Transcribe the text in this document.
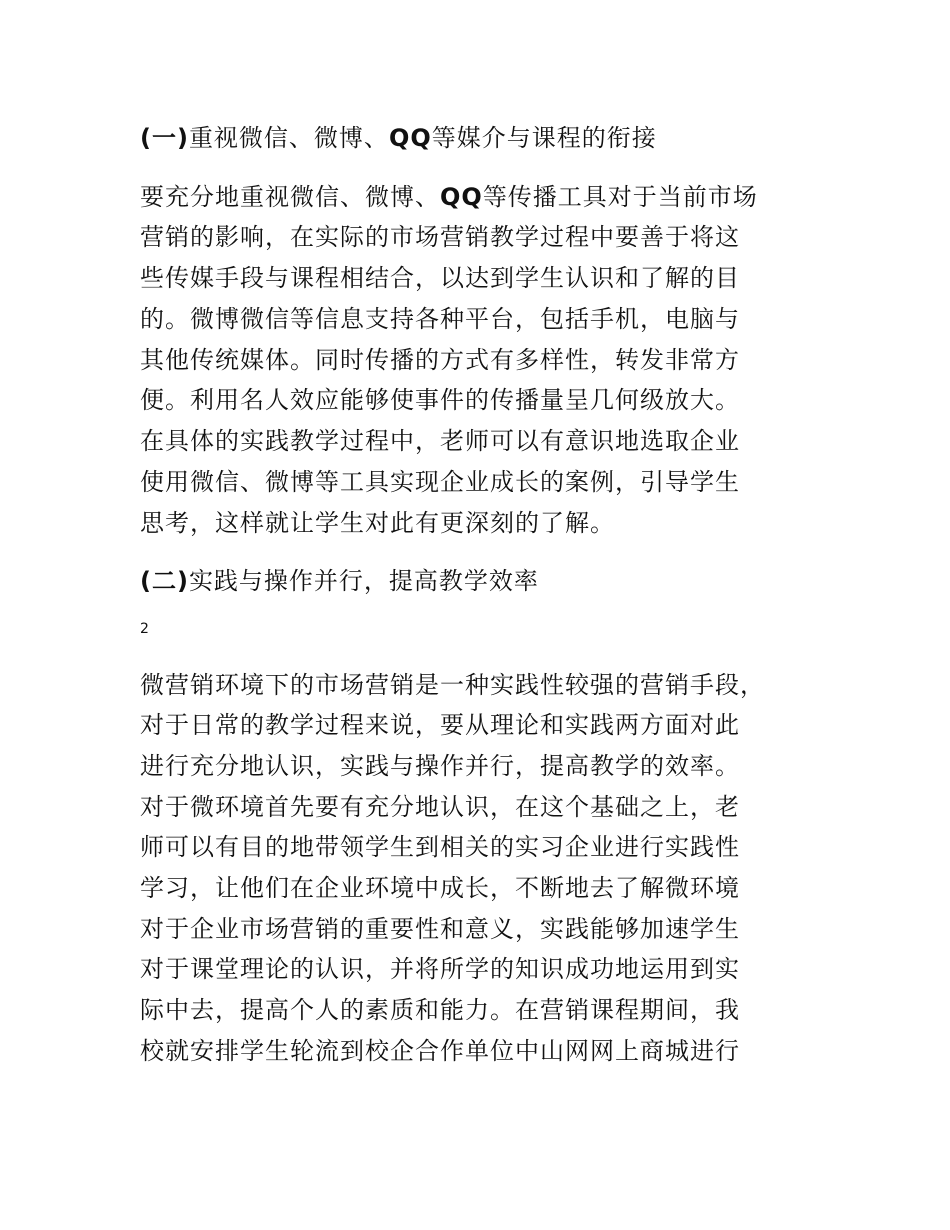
(一)重视微信、微博、QQ等媒介与课程的衔接

要充分地重视微信、微博、QQ等传播工具对于当前市场

营销的影响，在实际的市场营销教学过程中要善于将这

些传媒手段与课程相结合，以达到学生认识和了解的目

的。微博微信等信息支持各种平台，包括手机，电脑与

其他传统媒体。同时传播的方式有多样性，转发非常方

便。利用名人效应能够使事件的传播量呈几何级放大。

在具体的实践教学过程中，老师可以有意识地选取企业

使用微信、微博等工具实现企业成长的案例，引导学生

思考，这样就让学生对此有更深刻的了解。

(二)实践与操作并行，提高教学效率

2

微营销环境下的市场营销是一种实践性较强的营销手段，

对于日常的教学过程来说，要从理论和实践两方面对此

进行充分地认识，实践与操作并行，提高教学的效率。

对于微环境首先要有充分地认识，在这个基础之上，老

师可以有目的地带领学生到相关的实习企业进行实践性

学习，让他们在企业环境中成长，不断地去了解微环境

对于企业市场营销的重要性和意义，实践能够加速学生

对于课堂理论的认识，并将所学的知识成功地运用到实

际中去，提高个人的素质和能力。在营销课程期间，我

校就安排学生轮流到校企合作单位中山网网上商城进行
